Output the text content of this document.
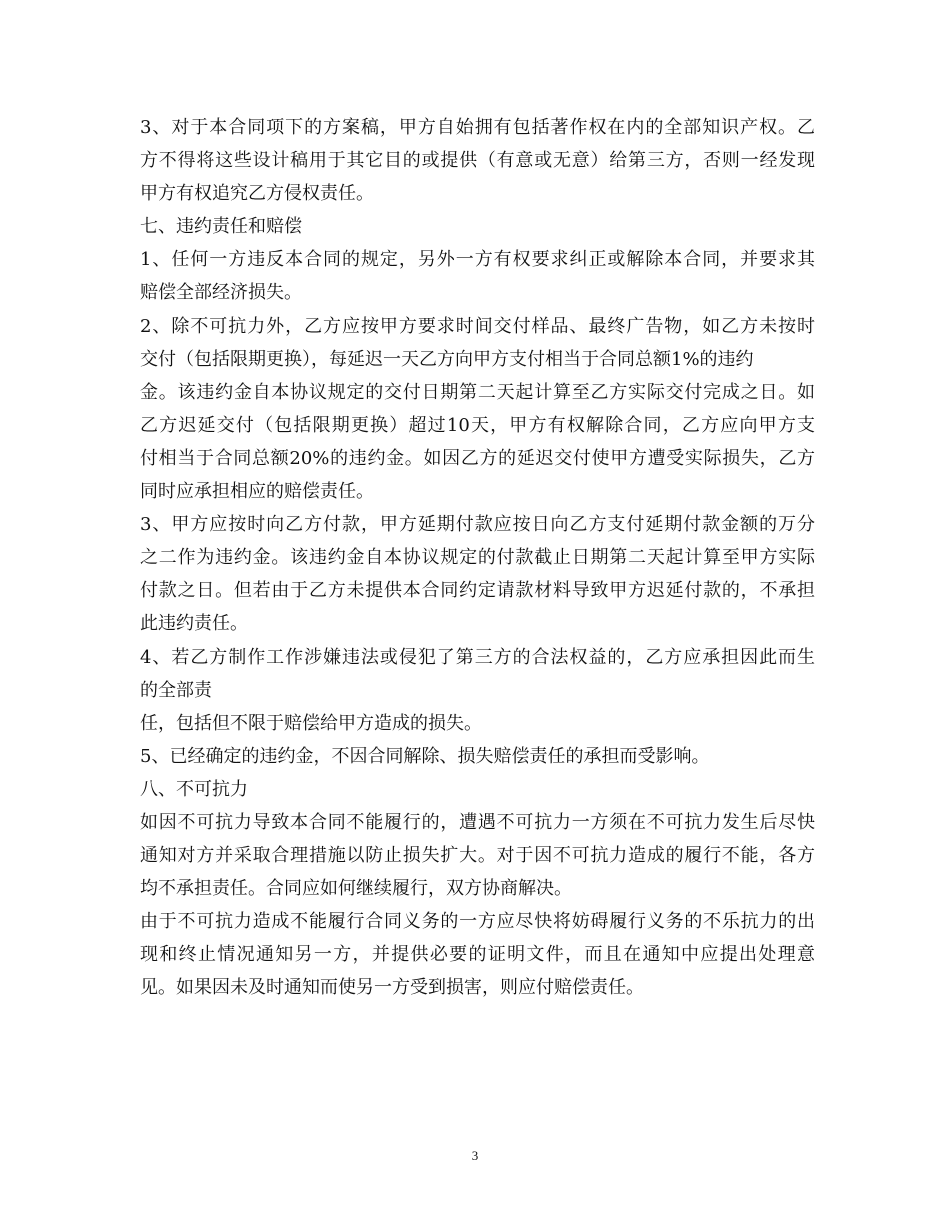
3、对于本合同项下的方案稿，甲方自始拥有包括著作权在内的全部知识产权。乙

方不得将这些设计稿用于其它目的或提供（有意或无意）给第三方，否则一经发现

甲方有权追究乙方侵权责任。

七、违约责任和赔偿

1、任何一方违反本合同的规定，另外一方有权要求纠正或解除本合同，并要求其

赔偿全部经济损失。

2、除不可抗力外，乙方应按甲方要求时间交付样品、最终广告物，如乙方未按时

交付（包括限期更换），每延迟一天乙方向甲方支付相当于合同总额1%的违约

金。该违约金自本协议规定的交付日期第二天起计算至乙方实际交付完成之日。如

乙方迟延交付（包括限期更换）超过10天，甲方有权解除合同，乙方应向甲方支

付相当于合同总额20%的违约金。如因乙方的延迟交付使甲方遭受实际损失，乙方

同时应承担相应的赔偿责任。

3、甲方应按时向乙方付款，甲方延期付款应按日向乙方支付延期付款金额的万分

之二作为违约金。该违约金自本协议规定的付款截止日期第二天起计算至甲方实际

付款之日。但若由于乙方未提供本合同约定请款材料导致甲方迟延付款的，不承担

此违约责任。

4、若乙方制作工作涉嫌违法或侵犯了第三方的合法权益的，乙方应承担因此而生

的全部责

任，包括但不限于赔偿给甲方造成的损失。

5、已经确定的违约金，不因合同解除、损失赔偿责任的承担而受影响。

八、不可抗力

如因不可抗力导致本合同不能履行的，遭遇不可抗力一方须在不可抗力发生后尽快

通知对方并采取合理措施以防止损失扩大。对于因不可抗力造成的履行不能，各方

均不承担责任。合同应如何继续履行，双方协商解决。

由于不可抗力造成不能履行合同义务的一方应尽快将妨碍履行义务的不乐抗力的出

现和终止情况通知另一方，并提供必要的证明文件，而且在通知中应提出处理意

见。如果因未及时通知而使另一方受到损害，则应付赔偿责任。

3
